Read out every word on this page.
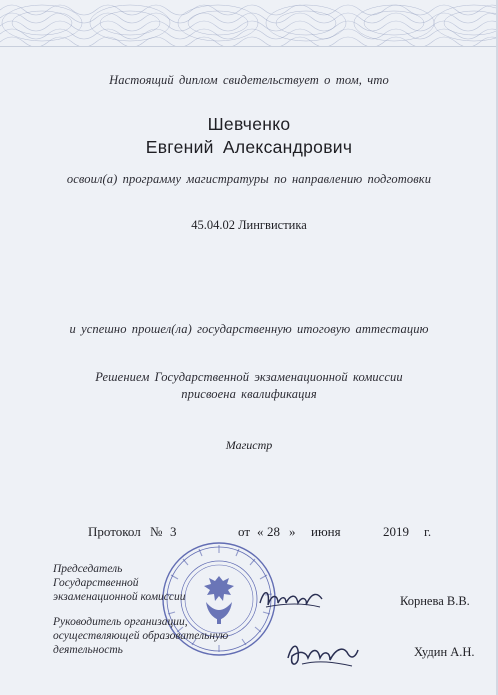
Настоящий диплом свидетельствует о том, что
Шевченко
Евгений Александрович
освоил(а) программу магистратуры по направлению подготовки
45.04.02 Лингвистика
и успешно прошел(ла) государственную итоговую аттестацию
Решением Государственной экзаменационной комиссии
присвоена квалификация
Магистр
Протокол № 3	от « 28 » июня	2019 г.
Председатель
Государственной
экзаменационной комиссии
Руководитель организации,
осуществляющей образовательную
деятельность
Корнева В.В.
Худин А.Н.
